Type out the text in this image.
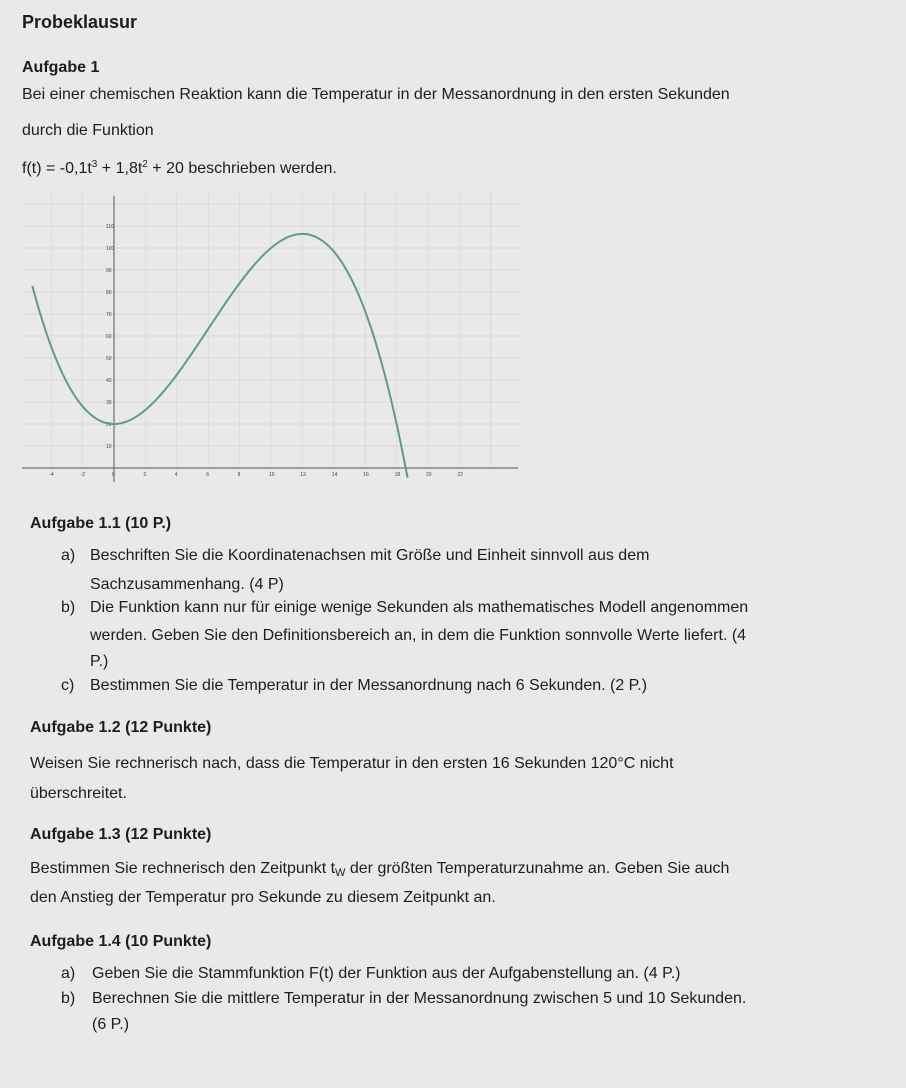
Probeklausur
Aufgabe 1
Bei einer chemischen Reaktion kann die Temperatur in der Messanordnung in den ersten Sekunden
durch die Funktion
$f(t) = -0,1t^3 + 1,8t^2 + 20$ beschrieben werden.
-4	-2	0	2	4	6	8	10	12	14	16	18	20	22
10
20
30
40
50
60
70
80
90
100
110
Aufgabe 1.1 (10 P.)
a) Beschriften Sie die Koordinatenachsen mit Größe und Einheit sinnvoll aus dem
Sachzusammenhang. (4 P)
b) Die Funktion kann nur für einige wenige Sekunden als mathematisches Modell angenommen
werden. Geben Sie den Definitionsbereich an, in dem die Funktion sonnvolle Werte liefert. (4
P.)
c) Bestimmen Sie die Temperatur in der Messanordnung nach 6 Sekunden. (2 P.)
Aufgabe 1.2 (12 Punkte)
Weisen Sie rechnerisch nach, dass die Temperatur in den ersten 16 Sekunden 120°C nicht
überschreitet.
Aufgabe 1.3 (12 Punkte)
Bestimmen Sie rechnerisch den Zeitpunkt tW der größten Temperaturzunahme an. Geben Sie auch
den Anstieg der Temperatur pro Sekunde zu diesem Zeitpunkt an.
Aufgabe 1.4 (10 Punkte)
a) Geben Sie die Stammfunktion F(t) der Funktion aus der Aufgabenstellung an. (4 P.)
b) Berechnen Sie die mittlere Temperatur in der Messanordnung zwischen 5 und 10 Sekunden.
(6 P.)
